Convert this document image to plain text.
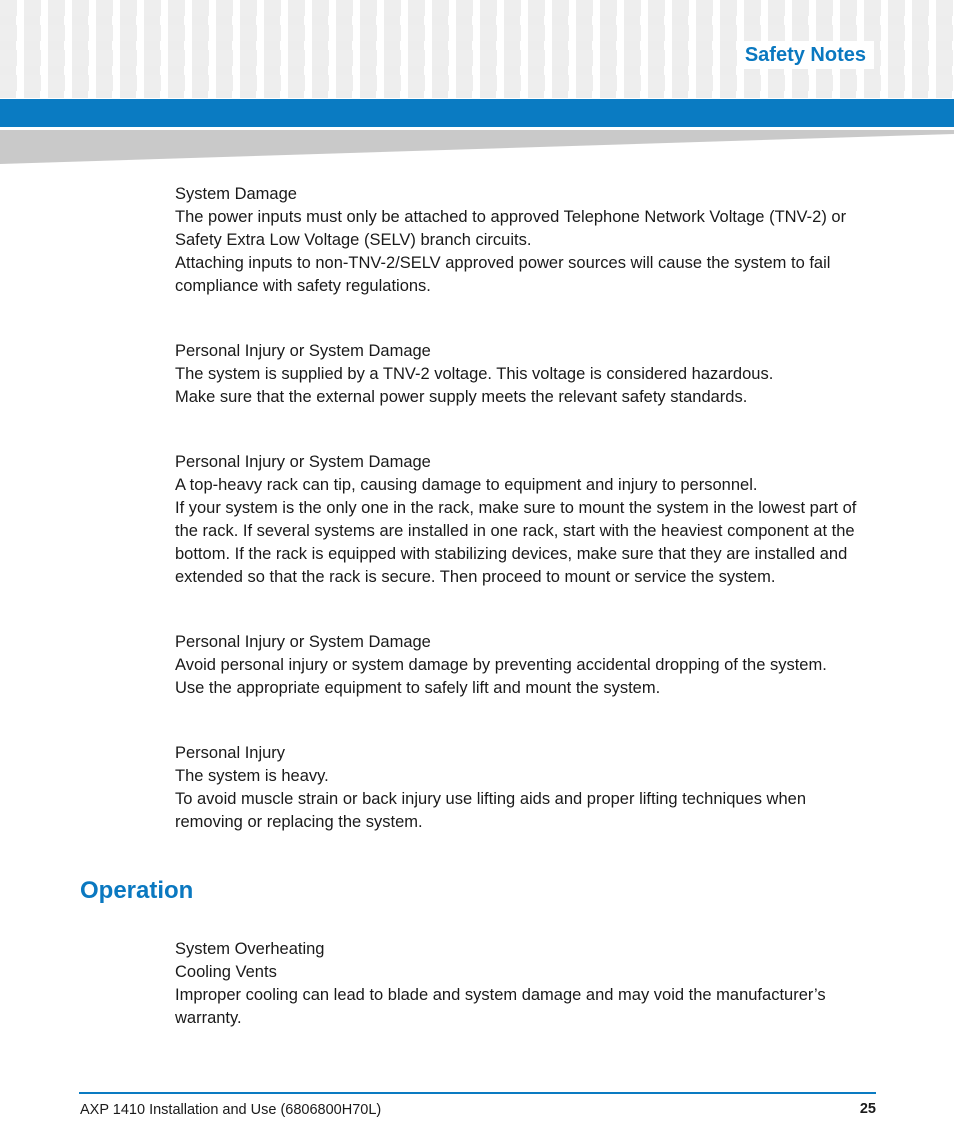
Safety Notes
System Damage
The power inputs must only be attached to approved Telephone Network Voltage (TNV-2) or
Safety Extra Low Voltage (SELV) branch circuits.
Attaching inputs to non-TNV-2/SELV approved power sources will cause the system to fail
compliance with safety regulations.
Personal Injury or System Damage
The system is supplied by a TNV-2 voltage. This voltage is considered hazardous.
Make sure that the external power supply meets the relevant safety standards.
Personal Injury or System Damage
A top-heavy rack can tip, causing damage to equipment and injury to personnel.
If your system is the only one in the rack, make sure to mount the system in the lowest part of
the rack. If several systems are installed in one rack, start with the heaviest component at the
bottom. If the rack is equipped with stabilizing devices, make sure that they are installed and
extended so that the rack is secure. Then proceed to mount or service the system.
Personal Injury or System Damage
Avoid personal injury or system damage by preventing accidental dropping of the system.
Use the appropriate equipment to safely lift and mount the system.
Personal Injury
The system is heavy.
To avoid muscle strain or back injury use lifting aids and proper lifting techniques when
removing or replacing the system.
Operation
System Overheating
Cooling Vents
Improper cooling can lead to blade and system damage and may void the manufacturer’s
warranty.
AXP 1410 Installation and Use (6806800H70L)	25
